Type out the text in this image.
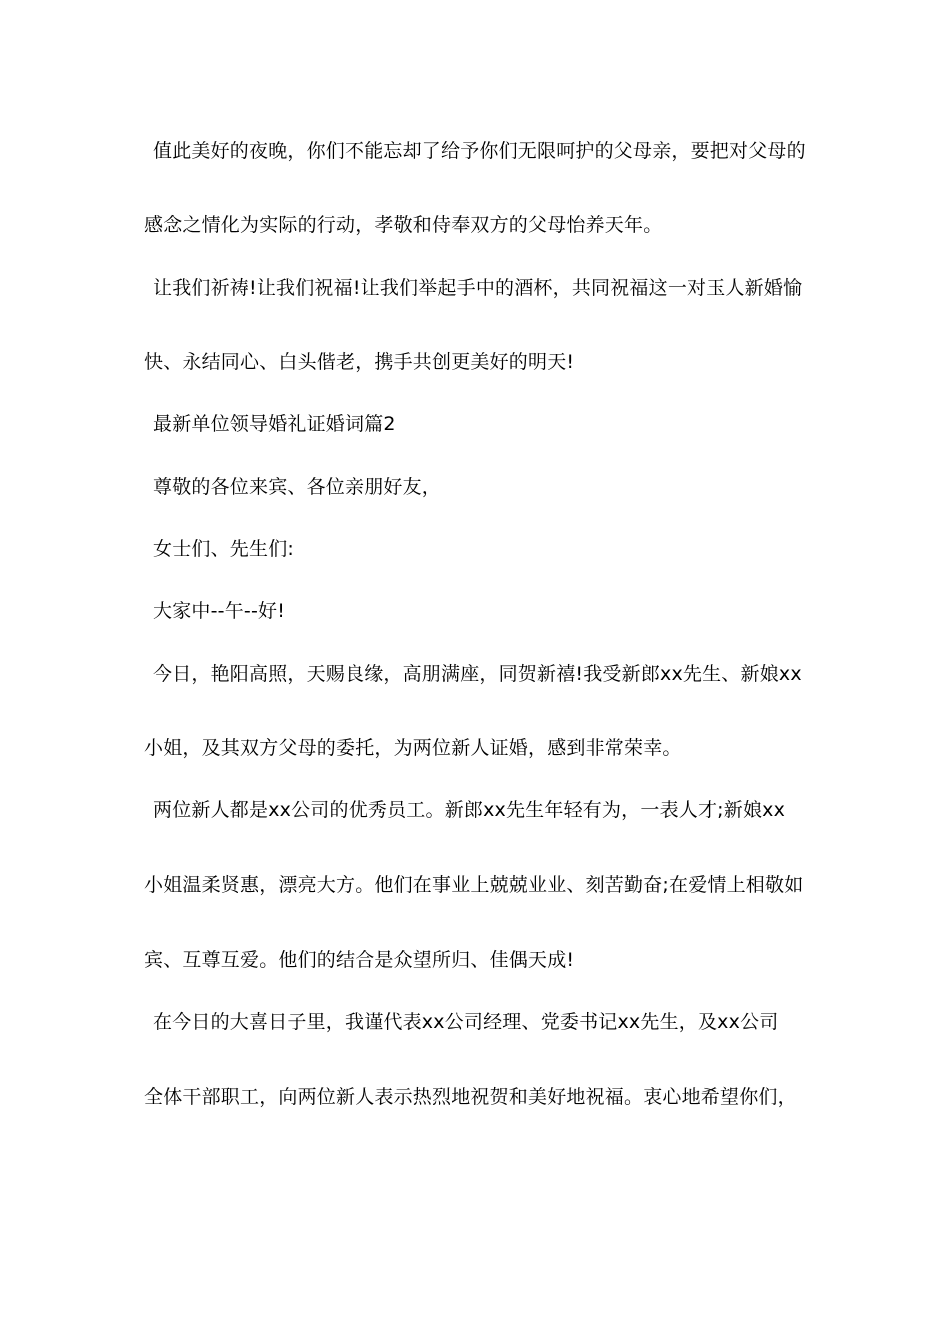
值此美好的夜晚，你们不能忘却了给予你们无限呵护的父母亲，要把对父母的

感念之情化为实际的行动，孝敬和侍奉双方的父母怡养天年。

让我们祈祷!让我们祝福!让我们举起手中的酒杯，共同祝福这一对玉人新婚愉

快、永结同心、白头偕老，携手共创更美好的明天!

最新单位领导婚礼证婚词篇2

尊敬的各位来宾、各位亲朋好友，

女士们、先生们:

大家中--午--好!

今日，艳阳高照，天赐良缘，高朋满座，同贺新禧!我受新郎xx先生、新娘xx

小姐，及其双方父母的委托，为两位新人证婚，感到非常荣幸。

两位新人都是xx公司的优秀员工。新郎xx先生年轻有为，一表人才;新娘xx

小姐温柔贤惠，漂亮大方。他们在事业上兢兢业业、刻苦勤奋;在爱情上相敬如

宾、互尊互爱。他们的结合是众望所归、佳偶天成!

在今日的大喜日子里，我谨代表xx公司经理、党委书记xx先生，及xx公司

全体干部职工，向两位新人表示热烈地祝贺和美好地祝福。衷心地希望你们，
